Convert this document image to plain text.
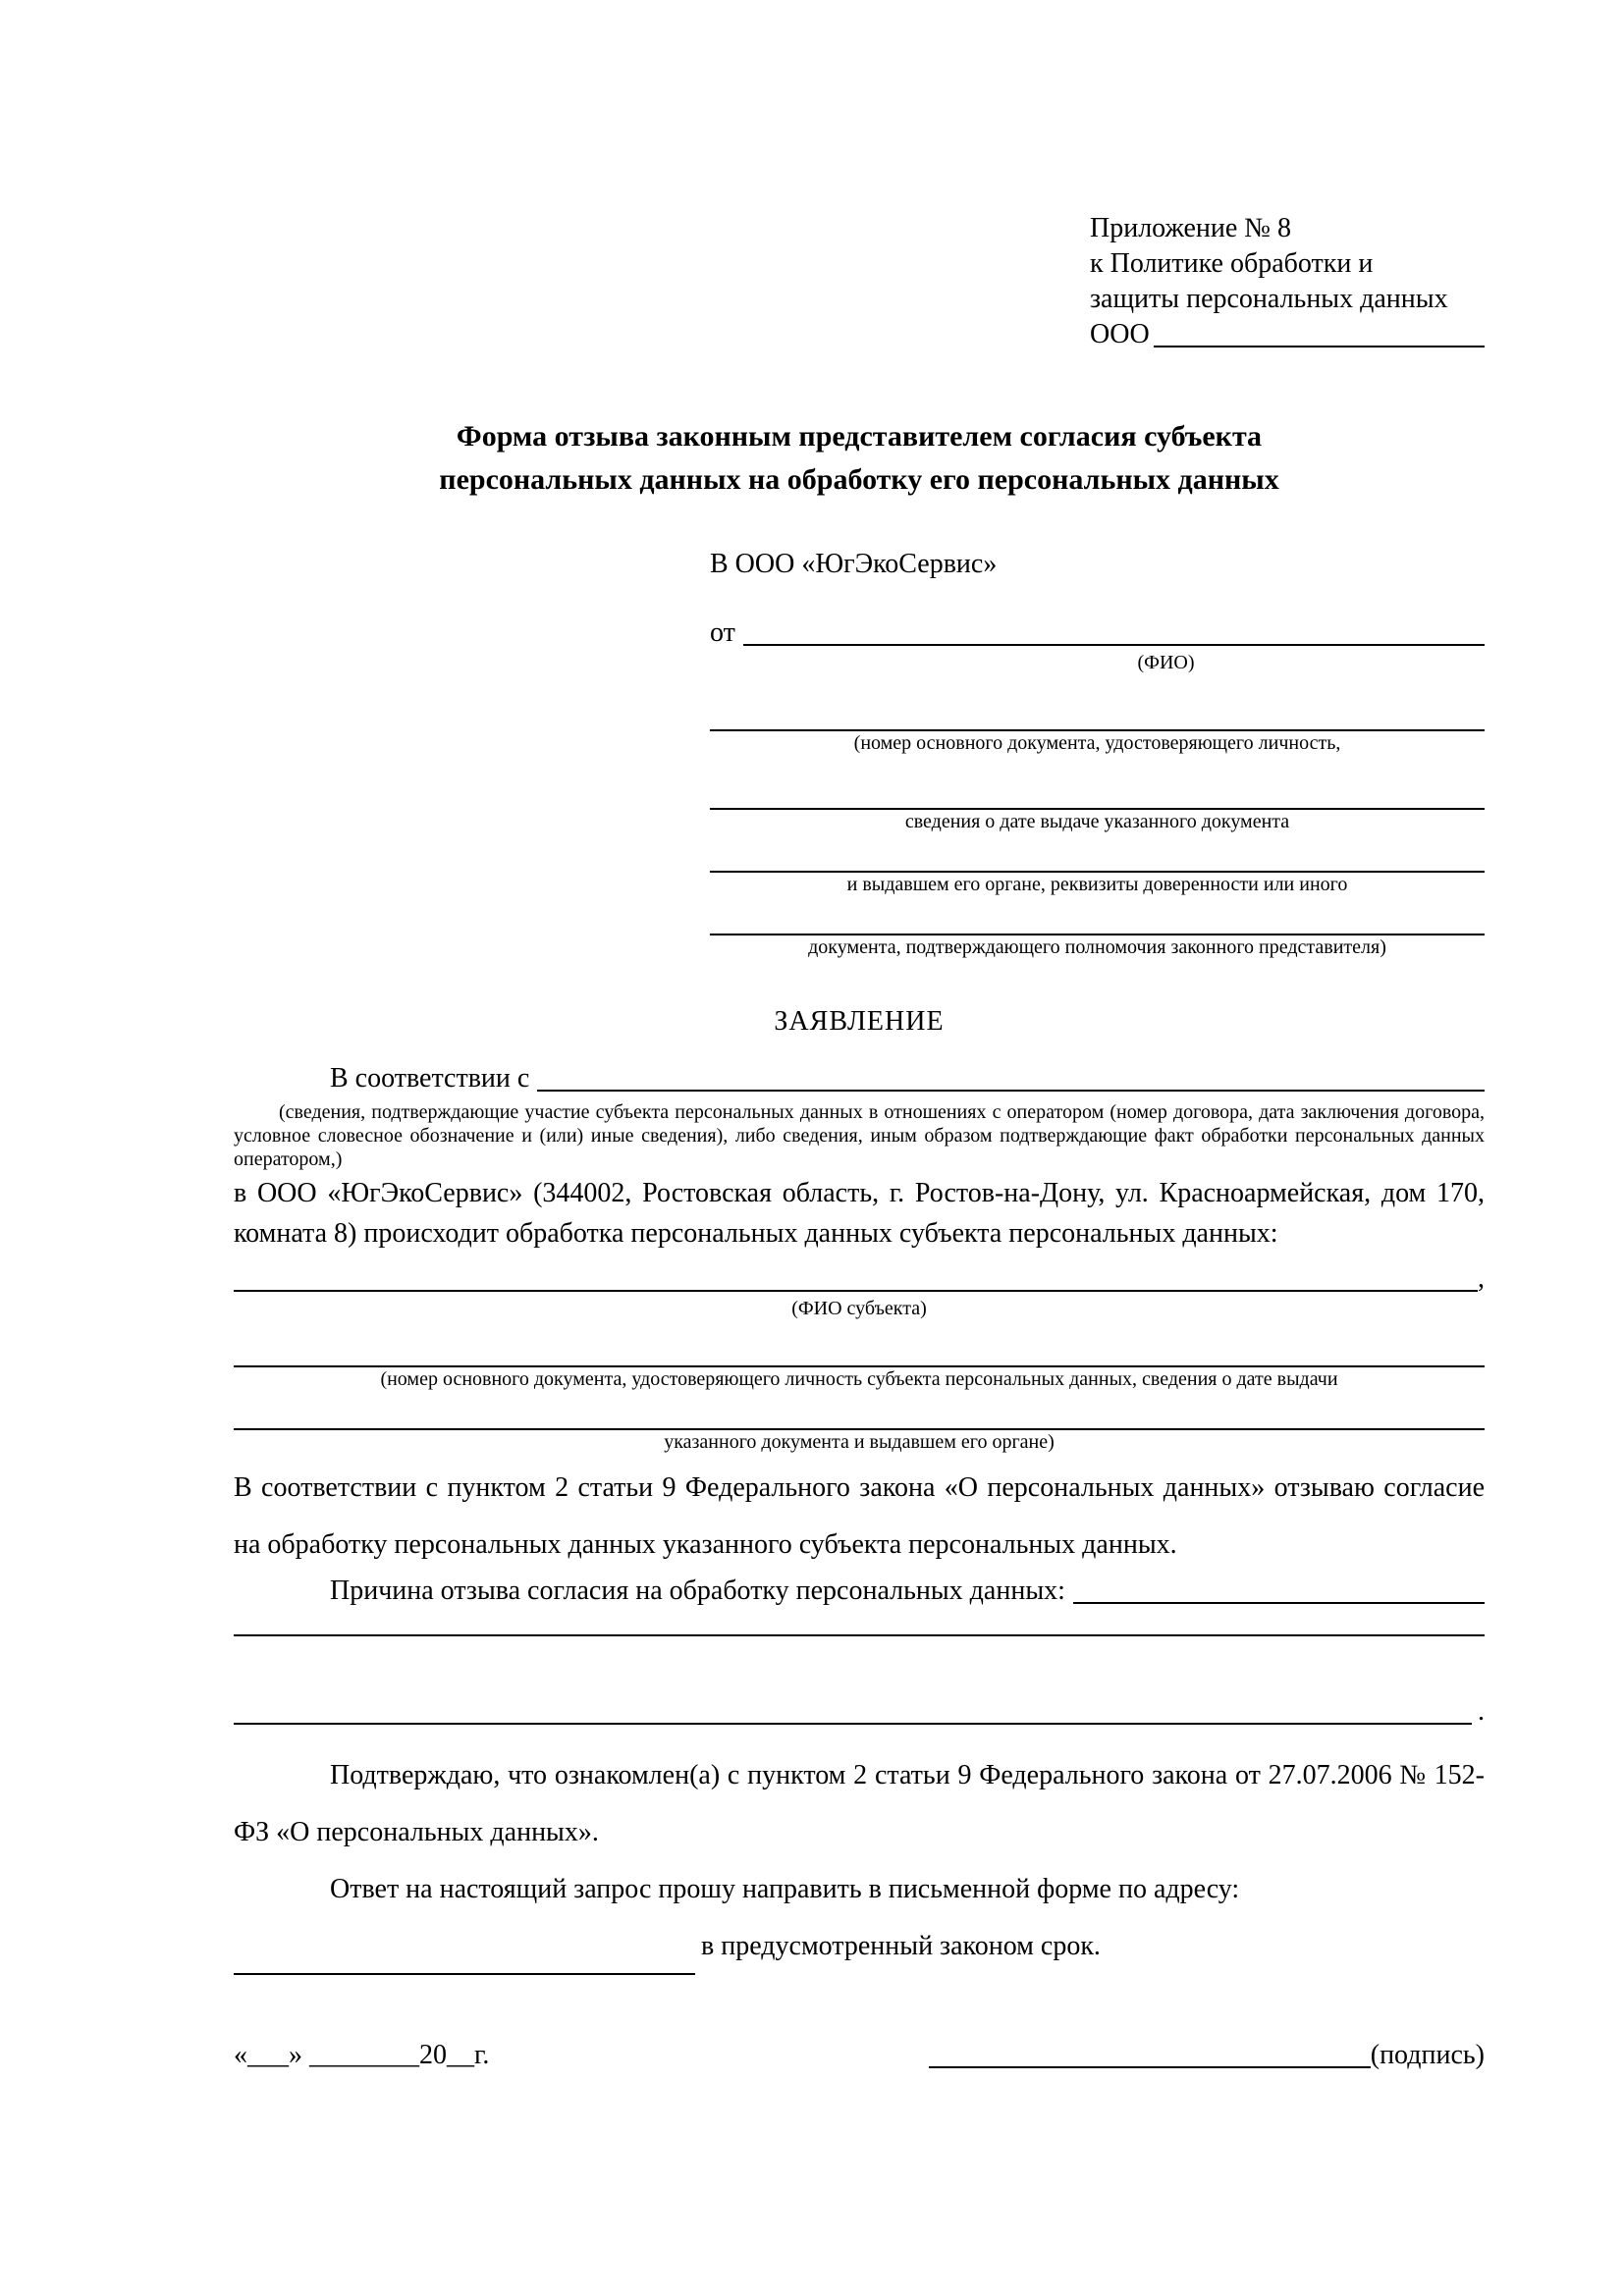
Приложение № 8
к Политике обработки и
защиты персональных данных
ООО
Форма отзыва законным представителем согласия субъекта
персональных данных на обработку его персональных данных
В ООО «ЮгЭкоСервис»
от
(ФИО)
(номер основного документа, удостоверяющего личность,
сведения о дате выдаче указанного документа
и выдавшем его органе, реквизиты доверенности или иного
документа, подтверждающего полномочия законного представителя)
ЗАЯВЛЕНИЕ
В соответствии с

(сведения, подтверждающие участие субъекта персональных данных в отношениях с оператором (номер договора, дата заключения договора, условное словесное обозначение и (или) иные сведения), либо сведения, иным образом подтверждающие факт обработки персональных данных оператором,)

в ООО «ЮгЭкоСервис» (344002, Ростовская область, г. Ростов-на-Дону, ул. Красноармейская, дом 170, комната 8) происходит обработка персональных данных субъекта персональных данных:

,
(ФИО субъекта)
(номер основного документа, удостоверяющего личность субъекта персональных данных, сведения о дате выдачи
указанного документа и выдавшем его органе)

В соответствии с пунктом 2 статьи 9 Федерального закона «О персональных данных» отзываю согласие на обработку персональных данных указанного субъекта персональных данных.

Причина отзыва согласия на обработку персональных данных:
.

Подтверждаю, что ознакомлен(а) с пунктом 2 статьи 9 Федерального закона от 27.07.2006 № 152-ФЗ «О персональных данных».

Ответ на настоящий запрос прошу направить в письменной форме по адресу:

в предусмотренный законом срок.
«___» ________20__г.	(подпись)
